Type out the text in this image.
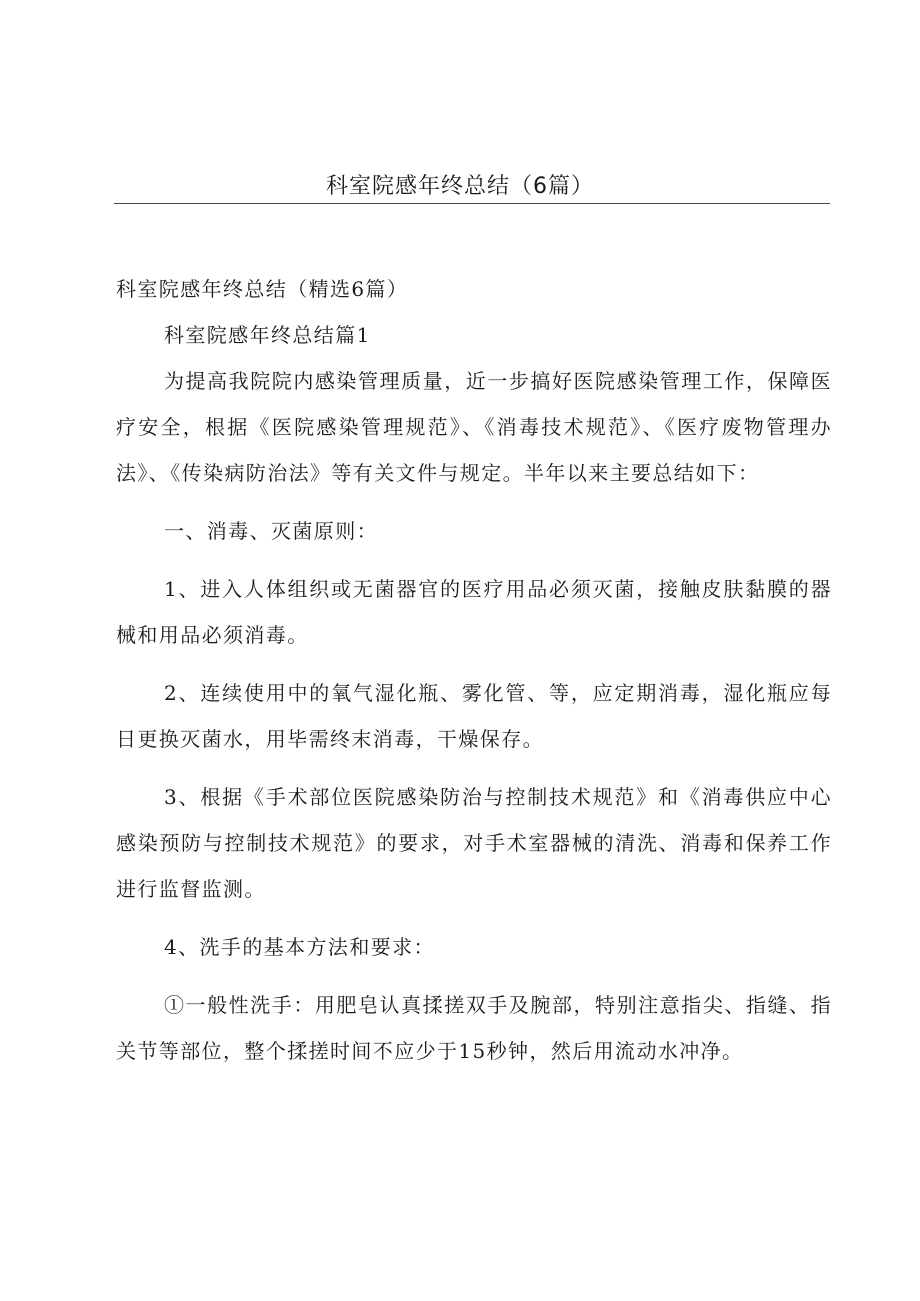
科室院感年终总结（6篇）

科室院感年终总结（精选6篇）

科室院感年终总结篇1

为提高我院院内感染管理质量，近一步搞好医院感染管理工作，保障医疗安全，根据《医院感染管理规范》、《消毒技术规范》、《医疗废物管理办法》、《传染病防治法》等有关文件与规定。半年以来主要总结如下：

一、消毒、灭菌原则：

1、进入人体组织或无菌器官的医疗用品必须灭菌，接触皮肤黏膜的器械和用品必须消毒。

2、连续使用中的氧气湿化瓶、雾化管、等，应定期消毒，湿化瓶应每日更换灭菌水，用毕需终末消毒，干燥保存。

3、根据《手术部位医院感染防治与控制技术规范》和《消毒供应中心感染预防与控制技术规范》的要求，对手术室器械的清洗、消毒和保养工作进行监督监测。

4、洗手的基本方法和要求：

①一般性洗手：用肥皂认真揉搓双手及腕部，特别注意指尖、指缝、指关节等部位，整个揉搓时间不应少于15秒钟，然后用流动水冲净。
